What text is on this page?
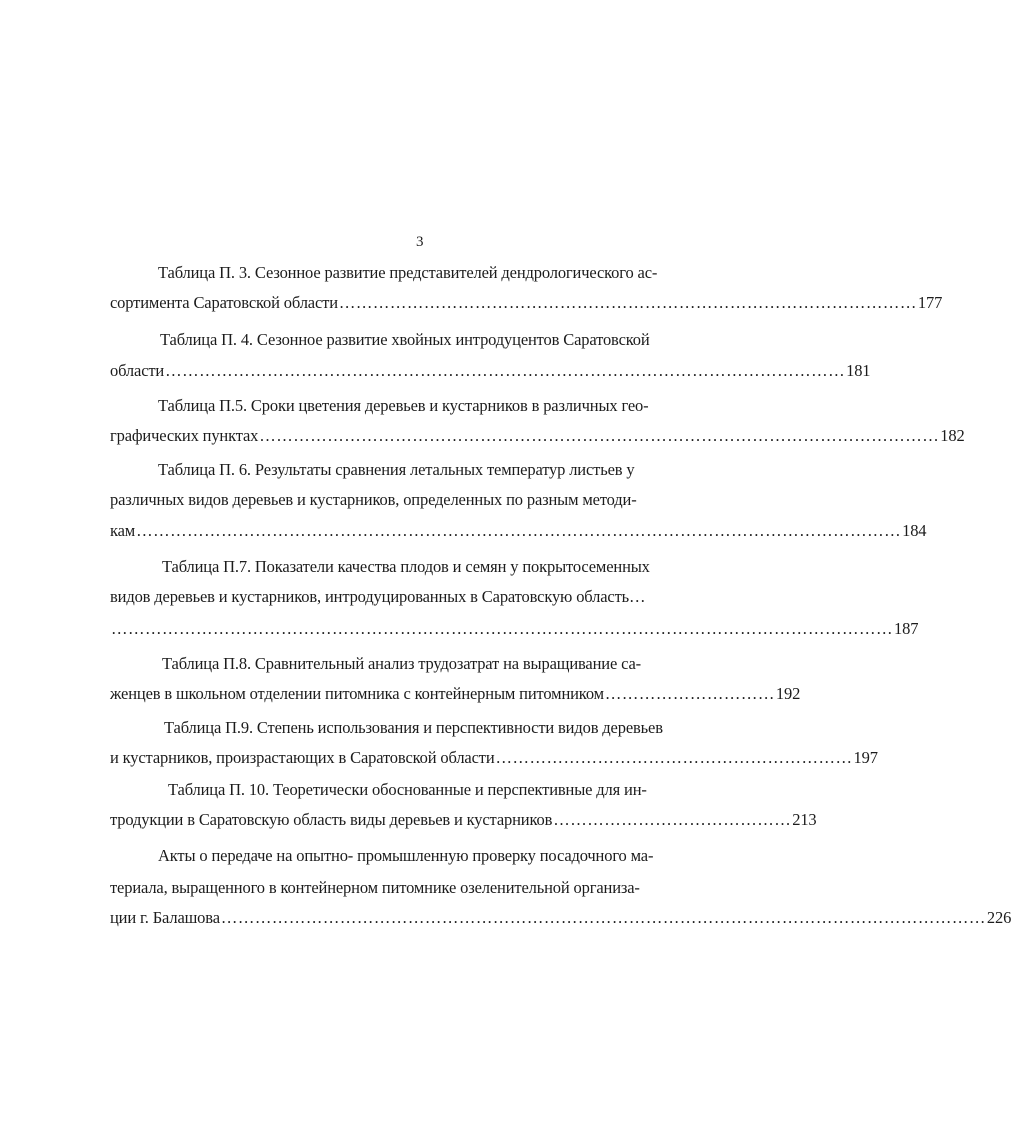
3
Таблица П. 3. Сезонное развитие представителей дендрологического ас-
сортимента Саратовской области ………………………………………………………………………………………… 177
Таблица П. 4. Сезонное развитие хвойных интродуцентов Саратовской
области ………………………………………………………………………………………………………… 181
Таблица П.5. Сроки цветения деревьев и кустарников в различных гео-
графических пунктах ………………………………………………………………………………………………………… 182
Таблица П. 6. Результаты сравнения летальных температур листьев у
различных видов деревьев и кустарников, определенных по разным методи-
кам ……………………………………………………………………………………………………………………… 184
Таблица П.7. Показатели качества плодов и семян у покрытосеменных
видов деревьев и кустарников, интродуцированных в Саратовскую область…
………………………………………………………………………………………………………………………… 187
Таблица П.8. Сравнительный анализ трудозатрат на выращивание са-
женцев в школьном отделении питомника с контейнерным питомником ………………………… 192
Таблица П.9. Степень использования и перспективности видов деревьев
и кустарников, произрастающих в Саратовской области ……………………………………………………… 197
Таблица П. 10. Теоретически обоснованные и перспективные для ин-
тродукции в Саратовскую область виды деревьев и кустарников …………………………………… 213
Акты о передаче на опытно- промышленную проверку посадочного ма-
териала, выращенного в контейнерном питомнике озеленительной организа-
ции г. Балашова ……………………………………………………………………………………………………………………… 226
